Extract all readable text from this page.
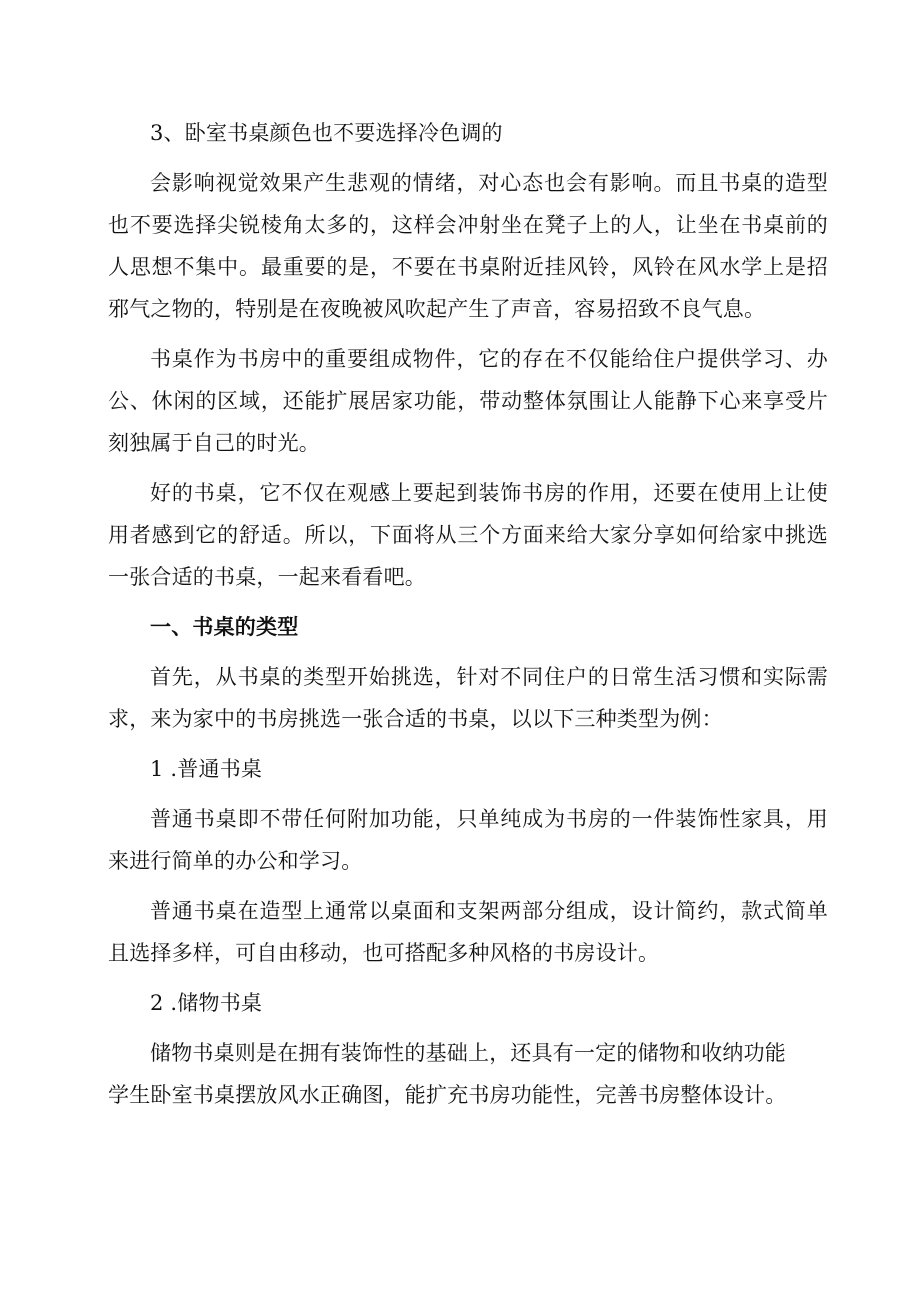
3、卧室书桌颜色也不要选择冷色调的

会影响视觉效果产生悲观的情绪，对心态也会有影响。而且书桌的造型也不要选择尖锐棱角太多的，这样会冲射坐在凳子上的人，让坐在书桌前的人思想不集中。最重要的是，不要在书桌附近挂风铃，风铃在风水学上是招邪气之物的，特别是在夜晚被风吹起产生了声音，容易招致不良气息。

书桌作为书房中的重要组成物件，它的存在不仅能给住户提供学习、办公、休闲的区域，还能扩展居家功能，带动整体氛围让人能静下心来享受片刻独属于自己的时光。

好的书桌，它不仅在观感上要起到装饰书房的作用，还要在使用上让使用者感到它的舒适。所以，下面将从三个方面来给大家分享如何给家中挑选一张合适的书桌，一起来看看吧。

一、书桌的类型

首先，从书桌的类型开始挑选，针对不同住户的日常生活习惯和实际需求，来为家中的书房挑选一张合适的书桌，以以下三种类型为例：

1 .普通书桌

普通书桌即不带任何附加功能，只单纯成为书房的一件装饰性家具，用来进行简单的办公和学习。

普通书桌在造型上通常以桌面和支架两部分组成，设计简约，款式简单且选择多样，可自由移动，也可搭配多种风格的书房设计。

2 .储物书桌

储物书桌则是在拥有装饰性的基础上，还具有一定的储物和收纳功能

学生卧室书桌摆放风水正确图，能扩充书房功能性，完善书房整体设计。
